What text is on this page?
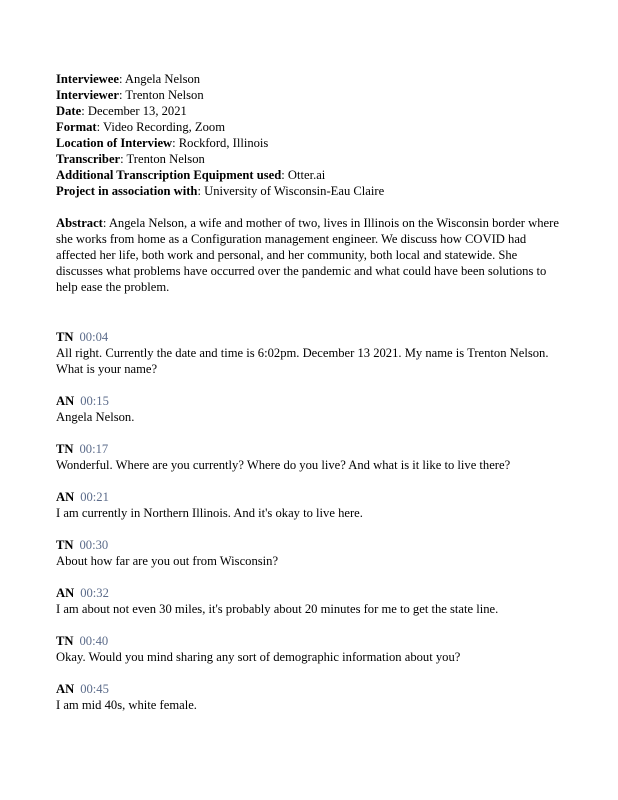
Interviewee: Angela Nelson

Interviewer: Trenton Nelson

Date: December 13, 2021

Format: Video Recording, Zoom

Location of Interview: Rockford, Illinois

Transcriber: Trenton Nelson

Additional Transcription Equipment used: Otter.ai

Project in association with: University of Wisconsin-Eau Claire

Abstract: Angela Nelson, a wife and mother of two, lives in Illinois on the Wisconsin border where she works from home as a Configuration management engineer. We discuss how COVID had affected her life, both work and personal, and her community, both local and statewide. She discusses what problems have occurred over the pandemic and what could have been solutions to help ease the problem.

TN 00:04

All right. Currently the date and time is 6:02pm. December 13 2021. My name is Trenton Nelson. What is your name?

AN 00:15

Angela Nelson.

TN 00:17

Wonderful. Where are you currently? Where do you live? And what is it like to live there?

AN 00:21

I am currently in Northern Illinois. And it's okay to live here.

TN 00:30

About how far are you out from Wisconsin?

AN 00:32

I am about not even 30 miles, it's probably about 20 minutes for me to get the state line.

TN 00:40

Okay. Would you mind sharing any sort of demographic information about you?

AN 00:45

I am mid 40s, white female.
